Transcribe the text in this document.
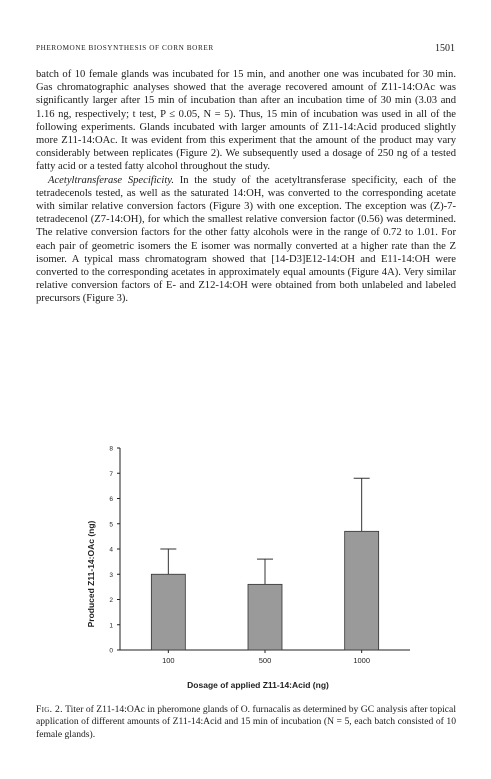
PHEROMONE BIOSYNTHESIS OF CORN BORER	1501

batch of 10 female glands was incubated for 15 min, and another one was incubated for 30 min. Gas chromatographic analyses showed that the average recovered amount of Z11-14:OAc was significantly larger after 15 min of incubation than after an incubation time of 30 min (3.03 and 1.16 ng, respectively; t test, P ≤ 0.05, N = 5). Thus, 15 min of incubation was used in all of the following experiments. Glands incubated with larger amounts of Z11-14:Acid produced slightly more Z11-14:OAc. It was evident from this experiment that the amount of the product may vary considerably between replicates (Figure 2). We subsequently used a dosage of 250 ng of a tested fatty acid or a tested fatty alcohol throughout the study.

Acetyltransferase Specificity. In the study of the acetyltransferase specificity, each of the tetradecenols tested, as well as the saturated 14:OH, was converted to the corresponding acetate with similar relative conversion factors (Figure 3) with one exception. The exception was (Z)-7-tetradecenol (Z7-14:OH), for which the smallest relative conversion factor (0.56) was determined. The relative conversion factors for the other fatty alcohols were in the range of 0.72 to 1.01. For each pair of geometric isomers the E isomer was normally converted at a higher rate than the Z isomer. A typical mass chromatogram showed that [14-D3]E12-14:OH and E11-14:OH were converted to the corresponding acetates in approximately equal amounts (Figure 4A). Very similar relative conversion factors of E- and Z12-14:OH were obtained from both unlabeled and labeled precursors (Figure 3).

0
1
2
3
4
5
6
7
8
100	500	1000
Produced Z11-14:OAc (ng)
Dosage of applied Z11-14:Acid (ng)
Fig. 2. Titer of Z11-14:OAc in pheromone glands of O. furnacalis as determined by GC analysis after topical application of different amounts of Z11-14:Acid and 15 min of incubation (N = 5, each batch consisted of 10 female glands).
